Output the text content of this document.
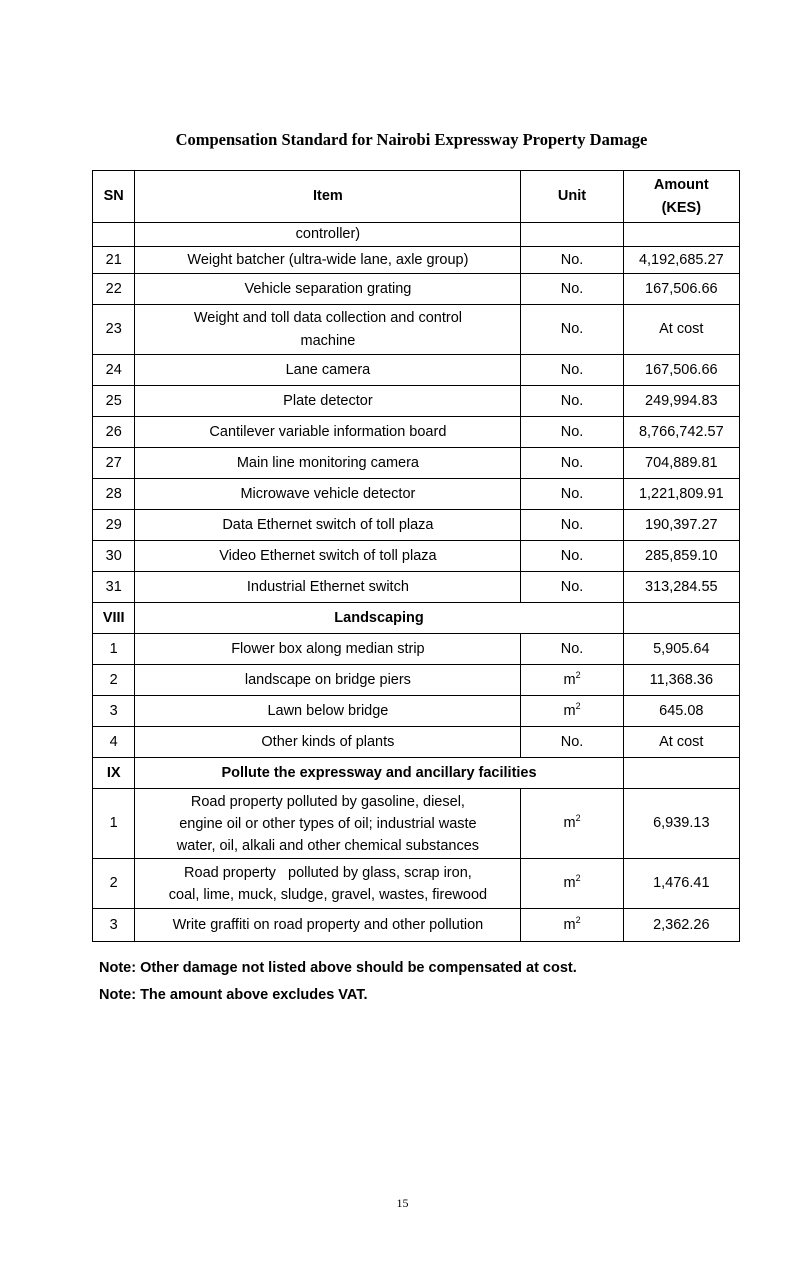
Compensation Standard for Nairobi Expressway Property Damage
SN	Item	Unit	Amount
(KES)

	controller)		
21	Weight batcher (ultra-wide lane, axle group)	No.	4,192,685.27
22	Vehicle separation grating	No.	167,506.66
23	Weight and toll data collection and control
machine	No.	At cost
24	Lane camera	No.	167,506.66
25	Plate detector	No.	249,994.83
26	Cantilever variable information board	No.	8,766,742.57
27	Main line monitoring camera	No.	704,889.81
28	Microwave vehicle detector	No.	1,221,809.91
29	Data Ethernet switch of toll plaza	No.	190,397.27
30	Video Ethernet switch of toll plaza	No.	285,859.10
31	Industrial Ethernet switch	No.	313,284.55
VIII	Landscaping		
1	Flower box along median strip	No.	5,905.64
2	landscape on bridge piers	$m^2$	11,368.36
3	Lawn below bridge	$m^2$	645.08
4	Other kinds of plants	No.	At cost
IX	Pollute the expressway and ancillary facilities		
1	Road property polluted by gasoline, diesel,
engine oil or other types of oil; industrial waste
water, oil, alkali and other chemical substances	$m^2$	6,939.13
2	Road property   polluted by glass, scrap iron,
coal, lime, muck, sludge, gravel, wastes, firewood	$m^2$	1,476.41
3	Write graffiti on road property and other pollution	$m^2$	2,362.26
Note: Other damage not listed above should be compensated at cost.
Note: The amount above excludes VAT.
15
